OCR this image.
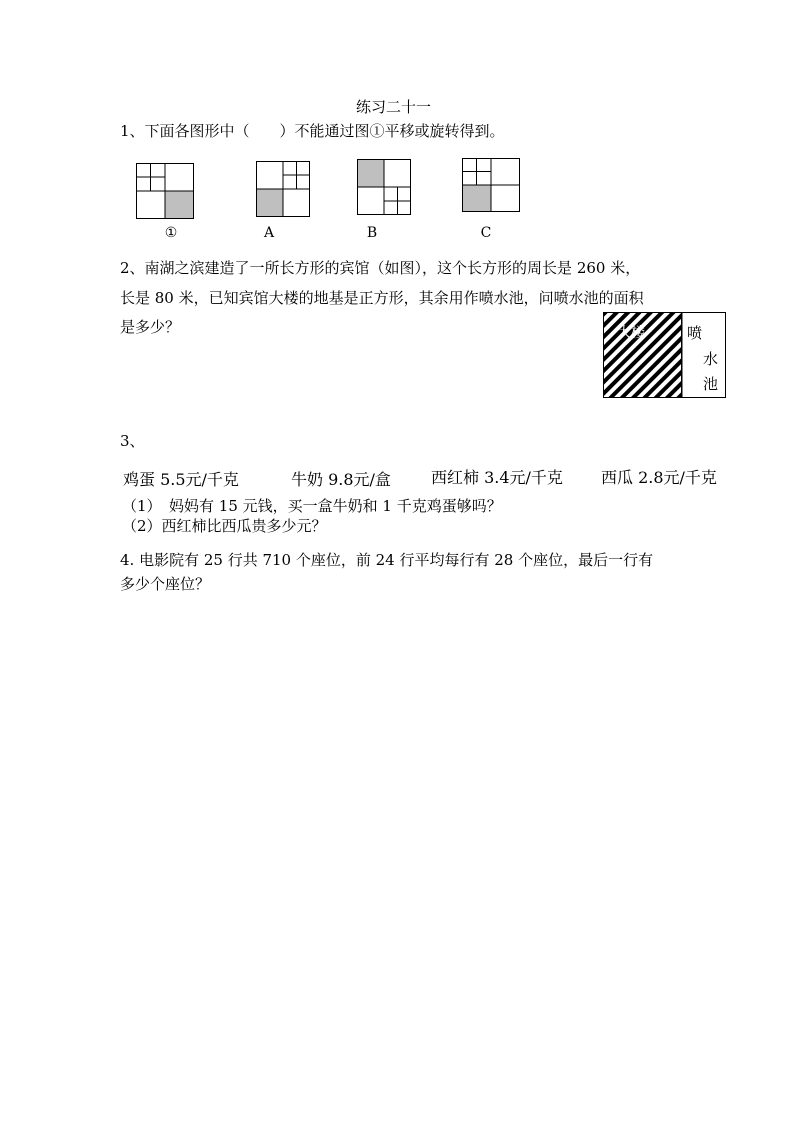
练习二十一
1、下面各图形中（　　）不能通过图①平移或旋转得到。
①	A	B	C
2、南湖之滨建造了一所长方形的宾馆（如图），这个长方形的周长是 260 米，
长是 80 米，已知宾馆大楼的地基是正方形，其余用作喷水池，问喷水池的面积
是多少？	大楼	喷
水
池
3、
鸡蛋 5.5元/千克	牛奶 9.8元/盒	西红柿 3.4元/千克 西瓜 2.8元/千克
（1）　妈妈有 15 元钱，买一盒牛奶和 1 千克鸡蛋够吗？
（2）西红柿比西瓜贵多少元？
4. 电影院有 25 行共 710 个座位，前 24 行平均每行有 28 个座位，最后一行有
多少个座位？
